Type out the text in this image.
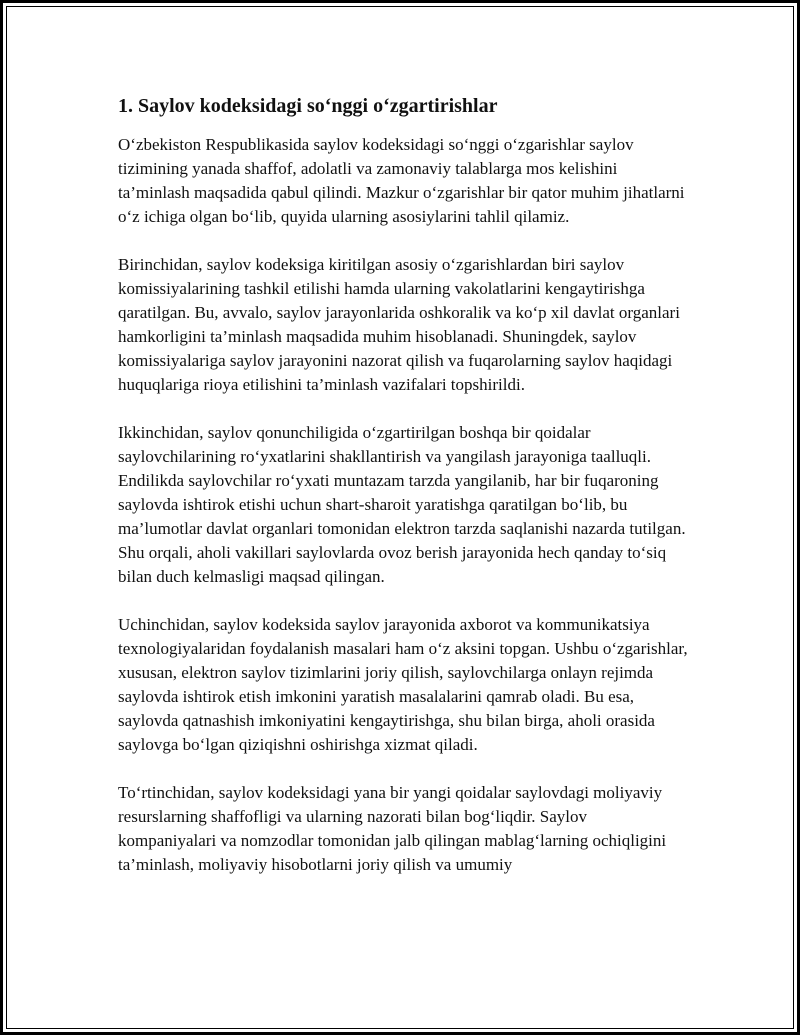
1. Saylov kodeksidagi so‘nggi o‘zgartirishlar

O‘zbekiston Respublikasida saylov kodeksidagi so‘nggi o‘zgarishlar saylov tizimining yanada shaffof, adolatli va zamonaviy talablarga mos kelishini ta’minlash maqsadida qabul qilindi. Mazkur o‘zgarishlar bir qator muhim jihatlarni o‘z ichiga olgan bo‘lib, quyida ularning asosiylarini tahlil qilamiz.

Birinchidan, saylov kodeksiga kiritilgan asosiy o‘zgarishlardan biri saylov komissiyalarining tashkil etilishi hamda ularning vakolatlarini kengaytirishga qaratilgan. Bu, avvalo, saylov jarayonlarida oshkoralik va ko‘p xil davlat organlari hamkorligini ta’minlash maqsadida muhim hisoblanadi. Shuningdek, saylov komissiyalariga saylov jarayonini nazorat qilish va fuqarolarning saylov haqidagi huquqlariga rioya etilishini ta’minlash vazifalari topshirildi.

Ikkinchidan, saylov qonunchiligida o‘zgartirilgan boshqa bir qoidalar saylovchilarining ro‘yxatlarini shakllantirish va yangilash jarayoniga taalluqli. Endilikda saylovchilar ro‘yxati muntazam tarzda yangilanib, har bir fuqaroning saylovda ishtirok etishi uchun shart-sharoit yaratishga qaratilgan bo‘lib, bu ma’lumotlar davlat organlari tomonidan elektron tarzda saqlanishi nazarda tutilgan. Shu orqali, aholi vakillari saylovlarda ovoz berish jarayonida hech qanday to‘siq bilan duch kelmasligi maqsad qilingan.

Uchinchidan, saylov kodeksida saylov jarayonida axborot va kommunikatsiya texnologiyalaridan foydalanish masalari ham o‘z aksini topgan. Ushbu o‘zgarishlar, xususan, elektron saylov tizimlarini joriy qilish, saylovchilarga onlayn rejimda saylovda ishtirok etish imkonini yaratish masalalarini qamrab oladi. Bu esa, saylovda qatnashish imkoniyatini kengaytirishga, shu bilan birga, aholi orasida saylovga bo‘lgan qiziqishni oshirishga xizmat qiladi.

To‘rtinchidan, saylov kodeksidagi yana bir yangi qoidalar saylovdagi moliyaviy resurslarning shaffofligi va ularning nazorati bilan bog‘liqdir. Saylov kompaniyalari va nomzodlar tomonidan jalb qilingan mablag‘larning ochiqligini ta’minlash, moliyaviy hisobotlarni joriy qilish va umumiy
